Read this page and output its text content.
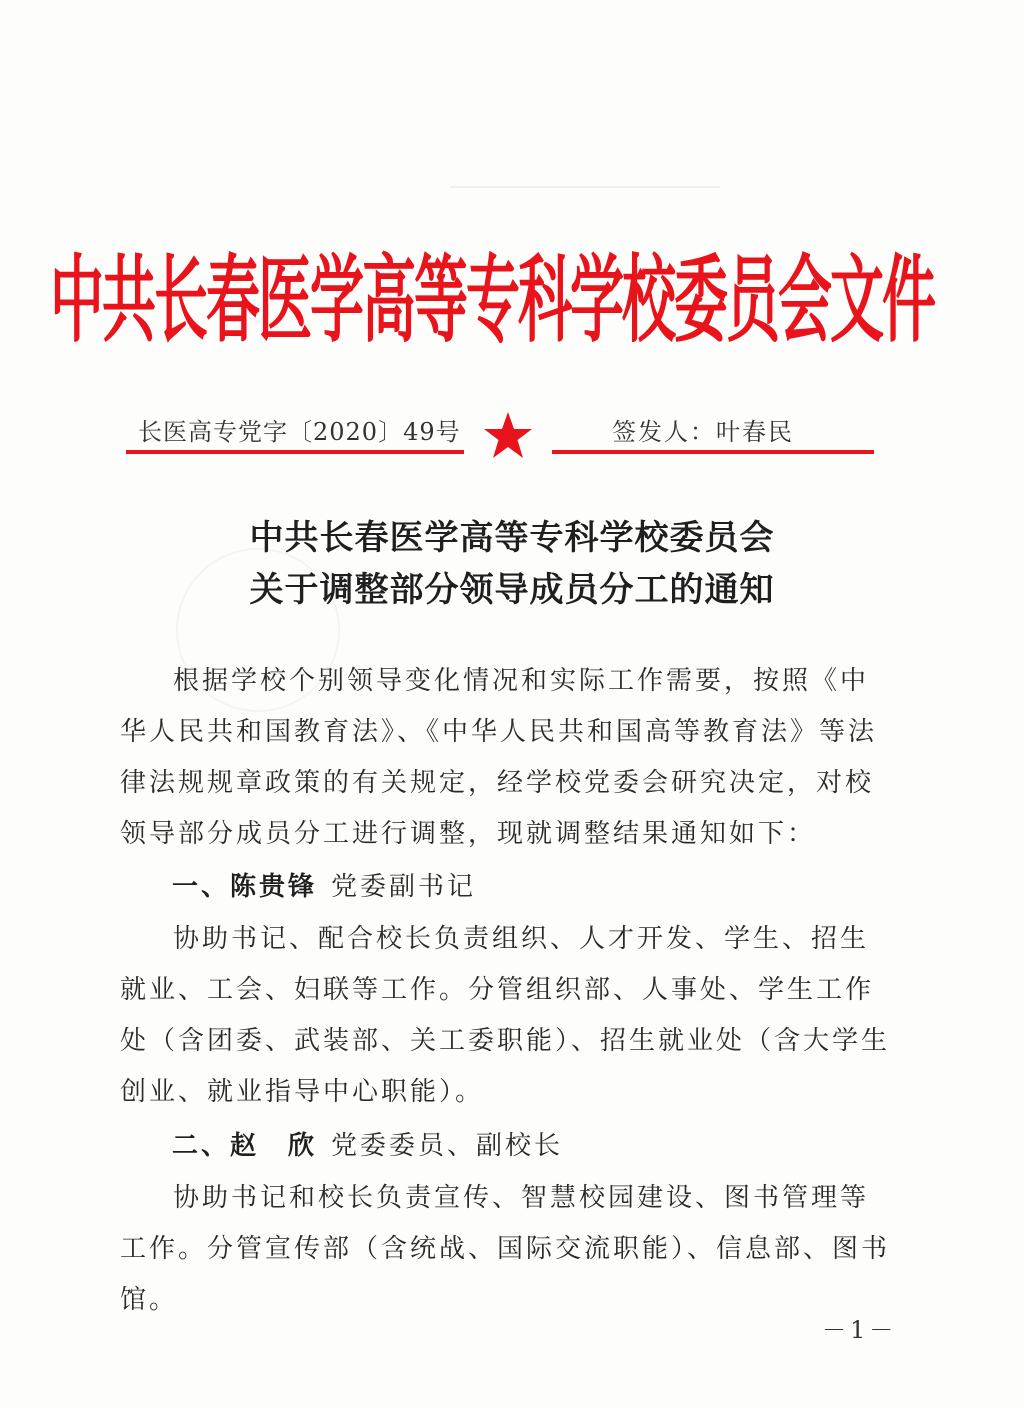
中共长春医学高等专科学校委员会文件
长医高专党字〔2020〕49号	签发人：叶春民
中共长春医学高等专科学校委员会
关于调整部分领导成员分工的通知
根据学校个别领导变化情况和实际工作需要，按照《中华人民共和国教育法》、《中华人民共和国高等教育法》等法律法规规章政策的有关规定，经学校党委会研究决定，对校领导部分成员分工进行调整，现就调整结果通知如下：
一、陈贵锋 党委副书记
协助书记、配合校长负责组织、人才开发、学生、招生就业、工会、妇联等工作。分管组织部、人事处、学生工作处（含团委、武装部、关工委职能）、招生就业处（含大学生创业、就业指导中心职能）。
二、赵　欣 党委委员、副校长
协助书记和校长负责宣传、智慧校园建设、图书管理等工作。分管宣传部（含统战、国际交流职能）、信息部、图书馆。
－1－
